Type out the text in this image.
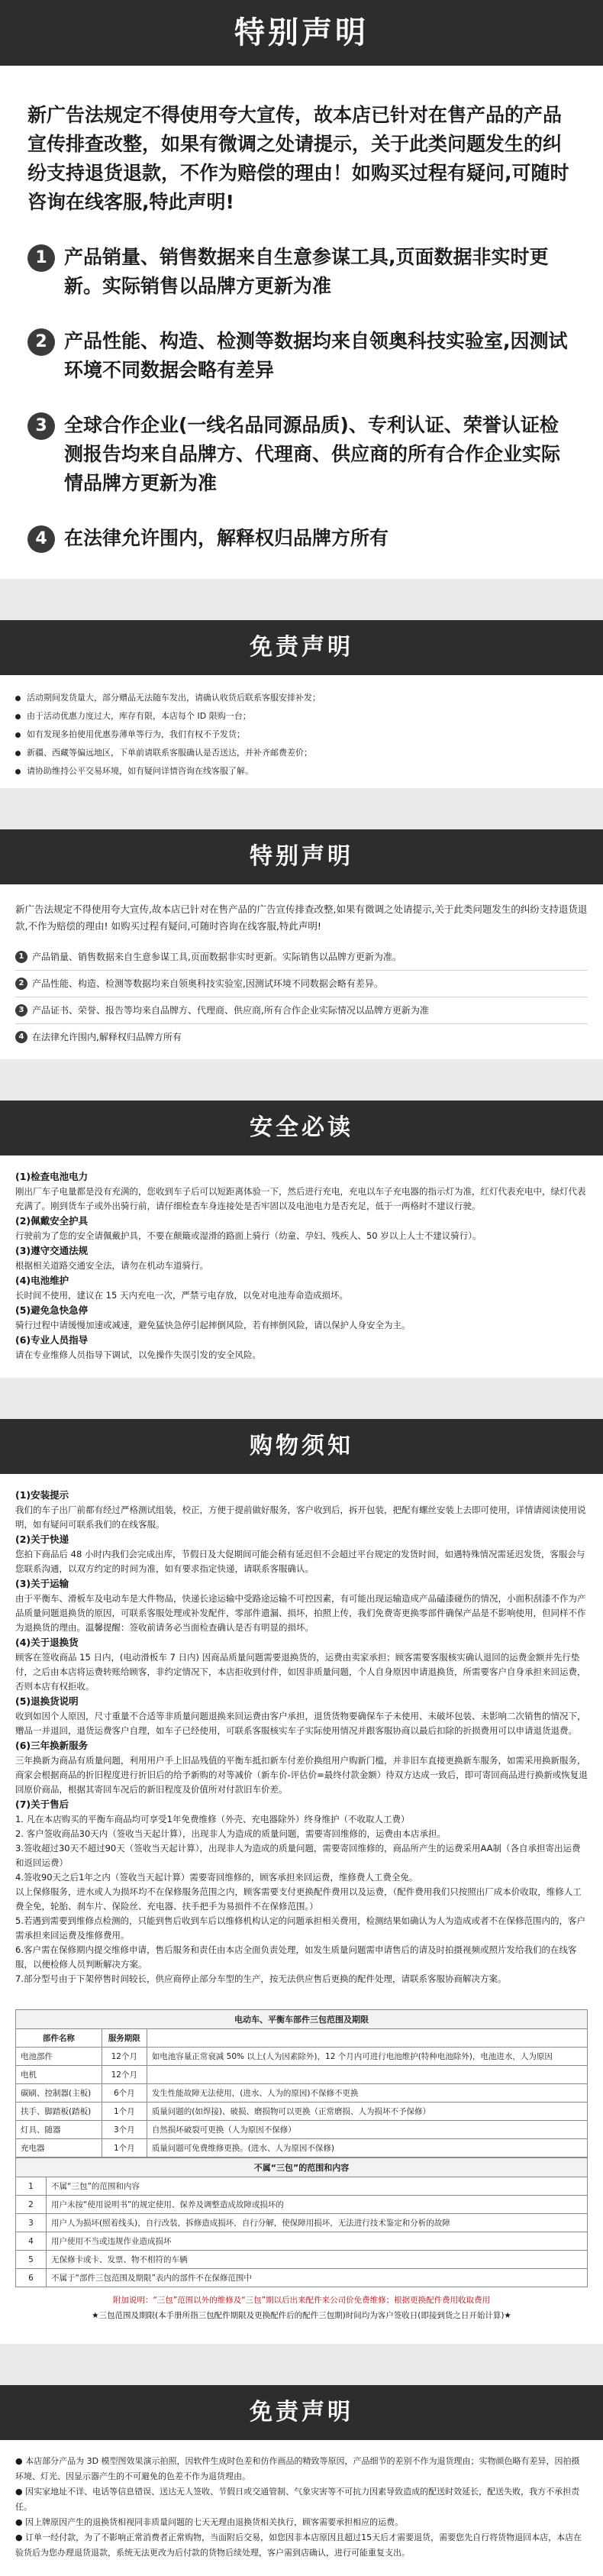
特别声明
新广告法规定不得使用夸大宣传，故本店已针对在售产品的产品宣传排查改整，如果有微调之处请提示，关于此类问题发生的纠纷支持退货退款，不作为赔偿的理由！如购买过程有疑问,可随时咨询在线客服,特此声明!
1 产品销量、销售数据来自生意参谋工具,页面数据非实时更新。实际销售以品牌方更新为准
2 产品性能、构造、检测等数据均来自领奥科技实验室,因测试环境不同数据会略有差异
3 全球合作企业(一线名品同源品质)、专利认证、荣誉认证检测报告均来自品牌方、代理商、供应商的所有合作企业实际情品牌方更新为准
4 在法律允许围内，解释权归品牌方所有
免责声明
活动期间发货量大，部分赠品无法随车发出，请确认收货后联系客服安排补发；
由于活动优惠力度过大，库存有限，本店每个 ID 限购一台；
如有发现多拍使用优惠券薄单等行为，我们有权不予发货；
新疆、西藏等偏远地区，下单前请联系客服确认是否送达，并补齐邮费差价；
请协助维持公平交易环境，如有疑问详情咨询在线客服了解。
特别声明
新广告法规定不得使用夸大宣传,故本店已针对在售产品的广告宣传排查改整,如果有微调之处请提示,关于此类问题发生的纠纷支持退货退款,不作为赔偿的理由! 如购买过程有疑问,可随时咨询在线客服,特此声明!
1 产品销量、销售数据来自生意参谋工具,页面数据非实时更新。实际销售以品牌方更新为准。
2 产品性能、构造、检测等数据均来自领奥科技实验室,因测试环境不同数据会略有差异。
3 产品证书、荣誉、报告等均来自品牌方、代理商、供应商,所有合作企业实际情况以品牌方更新为准
4 在法律允许围内,解释权归品牌方所有
安全必读
(1)检查电池电力
刚出厂车子电量都是没有充满的，您收到车子后可以短距离体验一下，然后进行充电，充电以车子充电器的指示灯为准，红灯代表充电中，绿灯代表充满了。刚到货车子或外出骑行前，请仔细检查车身连接处是否牢固以及电池电力是否充足，低于一两格时不建议行驶。
(2)佩戴安全护具
行驶前为了您的安全请佩戴护具，不要在颠簸或湿滑的路面上骑行（幼童、孕妇、残疾人、50 岁以上人士不建议骑行）。
(3)遵守交通法规
根据相关道路交通安全法，请勿在机动车道骑行。
(4)电池维护
长时间不使用，建议在 15 天内充电一次，严禁亏电存放，以免对电池寿命造成损坏。
(5)避免急快急停
骑行过程中请缓慢加速或减速，避免猛快急停引起摔倒风险，若有摔倒风险，请以保护人身安全为主。
(6)专业人员指导
请在专业维修人员指导下调试，以免操作失误引发的安全风险。
购物须知
(1)安装提示
我们的车子出厂前都有经过严格测试组装，校正，方便于提前做好服务，客户收到后，拆开包装，把配有螺丝安装上去即可使用，详情请阅读使用说明，如有疑问可联系我们的在线客服。
(2)关于快递
您拍下商品后 48 小时内我们会完成出库，节假日及大促期间可能会稍有延迟但不会超过平台规定的发货时间，如遇特殊情况需延迟发货，客服会与您联系沟通，以双方约定的时间为准，如有要求指定快递，请联系客服确认。
(3)关于运输
由于平衡车、滑板车及电动车是大件物品，快递长途运输中受路途运输不可控因素，有可能出现运输造成产品磕漆碰伤的情况，小面积刮漆不作为产品质量问题退换货的原因，可联系客服处理或补发配件，零部件遗漏、损坏，拍照上传，我们免费寄更换零部件确保产品是不影响使用，但同样不作为退换货的理由。温馨提醒：签收前请务必当面检查确认是否有明显的损坏。
(4)关于退换货
顾客在签收商品 15 日内，(电动滑板车 7 日内) 因商品质量问题需要退换货的，运费由卖家承担；顾客需要客服核实确认退回的运费金额并先行垫付，之后由本店将运费转账给顾客，非约定情况下，本店拒收到付件，如因非质量问题，个人自身原因申请退换货，所需要客户自身承担来回运费，否则本店有权拒收。
(5)退换货说明
收到如因个人原因，尺寸重量不合适等非质量问题退换来回运费由客户承担，退货货物要确保车子未使用、未破坏包装、未影响二次销售的情况下，赠品一并退回，退货运费客户自理，如车子已经使用，可联系客服核实车子实际使用情况并跟客服协商以最后扣除的折损费用可以申请退货退费。
(6)三年换新服务
三年换新为商品有质量问题，利用用户手上旧品残值的平衡车抵扣新车付差价换组用户购新门槛，并非旧车直接更换新车服务，如需采用换新服务，商家会根据商品的折旧程度进行折旧后的给予新购的对等减价（新车价-评估价=最终付款金额）待双方达成一致后，即可寄回商品进行换新或恢复退回原价商品，根据其寄回车况后的新旧程度及价值所对付款旧车价差。
(7)关于售后
1. 凡在本店购买的平衡车商品均可享受1年免费维修（外壳、充电器除外）终身维护（不收取人工费）
2. 客户签收商品30天内（签收当天起计算），出现非人为造成的质量问题，需要寄回维修的，运费由本店承担。
3.签收超过30天不超过90天（签收当天起计算），出现非人为造成的质量问题，需要寄回维修的，商品所产生的运费采用AA制（各自承担寄出运费和返回运费）
4.签收90天之后1年之内（签收当天起计算）需要寄回维修的，顾客承担来回运费，维修费人工费全免。
以上保修服务，进水或人为损坏均不在保修服务范围之内，顾客需要支付更换配件费用以及运费，（配件费用我们只按照出厂成本价收取，维修人工费全免，轮胎、刹车片、保险丝、充电器、扶手把手为易损件不在保修范围。）
5.若遇到需要到维修点检测的，只能到售后收到车后以维修机构认定的问题承担相关费用，检测结果如确认为人为造成或者不在保修范围内的，客户需承担来回运费及维修费用。
6.客户需在保修期内提交维修申请，售后服务和责任由本店全面负责处理，如发生质量问题需申请售后的请及时拍摄视频或照片发给我们的在线客服，以便检修人员判断解决方案。
7.部分型号由于下架停售时间较长，供应商停止部分车型的生产，按无法供应售后更换的配件处理，请联系客服协商解决方案。
电动车、平衡车部件三包范围及期限		
部件名称	服务期限	
电池部件	12个月	如电池容量正常衰减 50% 以上(人为因素除外)，12 个月内可进行电池维护(特种电池除外)，电池进水，人为原因
电机	12个月	
碳刷、控制器(主板)	6个月	发生性能故障无法使用，(进水、人为的原因)不保修不更换
扶手、脚踏板(踏板)	1个月	质量问题的(如焊接)、破损、磨损物可以更换（正常磨损、人为损坏不予保修）
灯具、随器	3个月	自然损坏破裂可更换（人为原因不保修）
充电器	1个月	质量问题可免费维修更换。(进水、人为原因不保修)
不属“三包”的范围和内容	
1	不属“三包”的范围和内容
2	用户未按“使用说明书”的规定使用、保养及调整造成故障或损坏的
3	用户人为损坏(照着线头)，自行改装，拆修造成损坏，自行分解，使保障用损坏，无法进行技术鉴定和分析的故障
4	用户使用不当或违规作业造成损坏
5	无保修卡或卡、发票、物不相符的车辆
6	不属于“部件三包范围及期限”表内的部件不在保修范围中
附加说明：“三包”范围以外的维修及“三包”期以后出来配件来公司价免费维修；根据更换配件费用收取费用
★三包范围及期限(本手册所指三包配件期限及更换配件后的配件三包期)时间均为客户签收日(即接到货之日开始计算)★
免责声明

● 本店部分产品为 3D 模型图效果演示拍照，因软件生成时色差和仿作画品的精致等原因，产品细节的差别不作为退货理由；实物颜色略有差异，因拍摄环境、灯光、因显示器产生的不可避免的色差不作为退货理由。

● 因实家地址不详、电话等信息错误、送达无人签收、节假日或交通管制、气象灾害等不可抗力因素导致造成的配送时效延长，配送失败，我方不承担责任。

● 因上牌原因产生的退换货相视同非质量问题的七天无理由退换货相关执行，顾客需要承担相应的运费。

● 订单一经付款，为了不影响正常消费者正常购物，当面附后交易，如您因非本店原因且超过15天后才需要退货，需要您先自行将货物退回本店，本店在验货后为您办理退货退款，系统无法更改为后付款的货物后续处理，客户需到店确认，进行可能重复支出。
